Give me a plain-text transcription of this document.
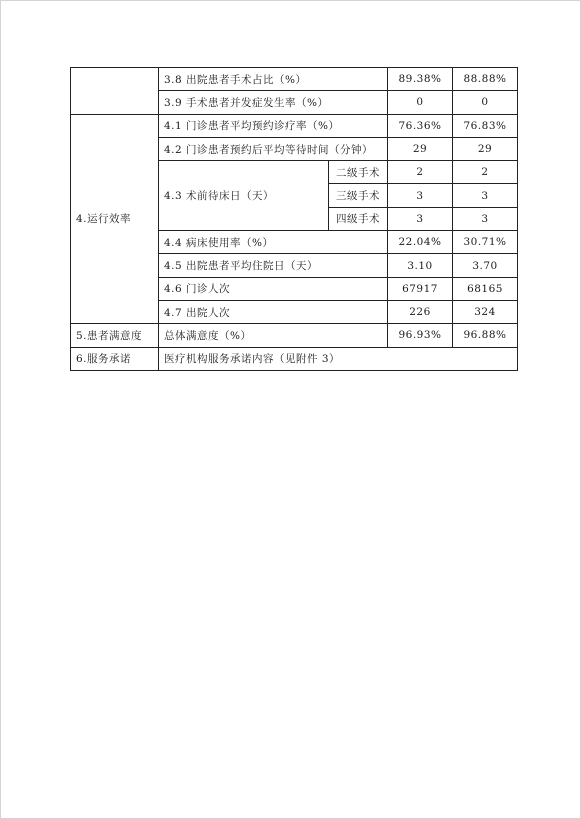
	3.8 出院患者手术占比（%）		89.38%	88.88%
	3.9 手术患者并发症发生率（%）		0	0
4.运行效率	4.1 门诊患者平均预约诊疗率（%）		76.36%	76.83%
	4.2 门诊患者预约后平均等待时间（分钟）		29	29
	4.3 术前待床日（天）	二级手术	2	2
		三级手术	3	3
		四级手术	3	3
	4.4 病床使用率（%）		22.04%	30.71%
	4.5 出院患者平均住院日（天）		3.10	3.70
	4.6 门诊人次		67917	68165
	4.7 出院人次		226	324
5.患者满意度	总体满意度（%）		96.93%	96.88%
6.服务承诺	医疗机构服务承诺内容（见附件 3）			
